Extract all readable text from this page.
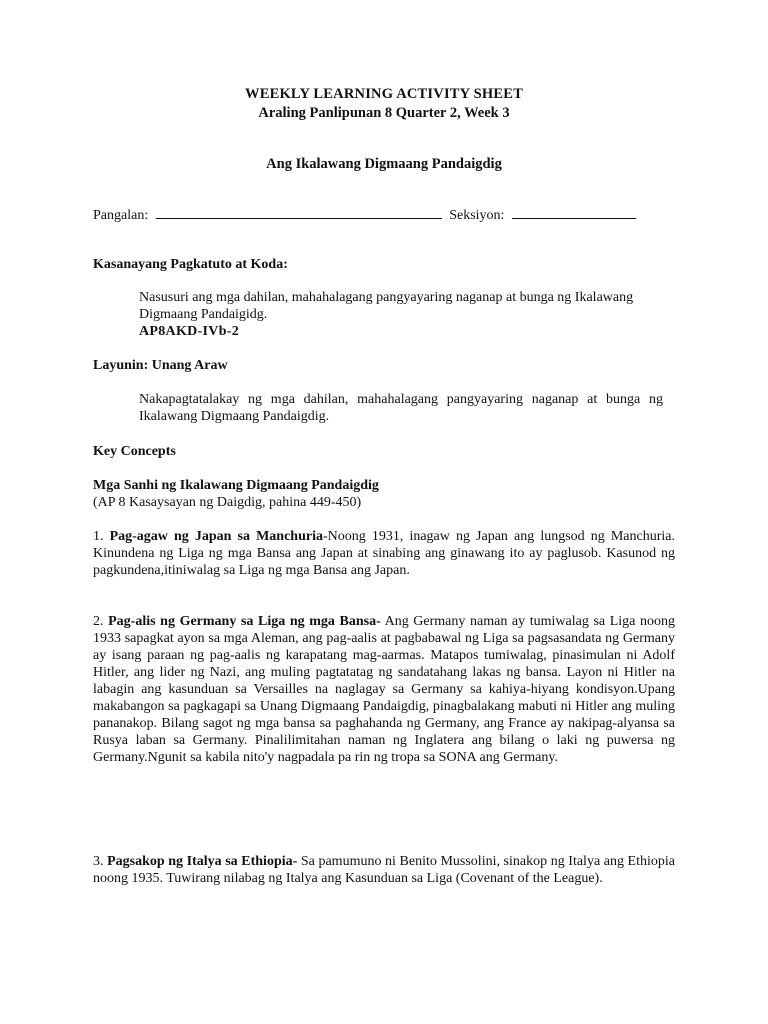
WEEKLY LEARNING ACTIVITY SHEET
Araling Panlipunan 8 Quarter 2, Week 3
Ang Ikalawang Digmaang Pandaigdig
Pangalan:	Seksiyon:
Kasanayang Pagkatuto at Koda:
Nasusuri ang mga dahilan, mahahalagang pangyayaring naganap at bunga ng Ikalawang Digmaang Pandaigidg.
AP8AKD-IVb-2
Layunin: Unang Araw
Nakapagtatalakay ng mga dahilan, mahahalagang pangyayaring naganap at bunga ng Ikalawang Digmaang Pandaigdig.
Key Concepts
Mga Sanhi ng Ikalawang Digmaang Pandaigdig
(AP 8 Kasaysayan ng Daigdig, pahina 449-450)
1. Pag-agaw ng Japan sa Manchuria-Noong 1931, inagaw ng Japan ang lungsod ng Manchuria. Kinundena ng Liga ng mga Bansa ang Japan at sinabing ang ginawang ito ay paglusob. Kasunod ng pagkundena,itiniwalag sa Liga ng mga Bansa ang Japan.
2. Pag-alis ng Germany sa Liga ng mga Bansa- Ang Germany naman ay tumiwalag sa Liga noong 1933 sapagkat ayon sa mga Aleman, ang pag-aalis at pagbabawal ng Liga sa pagsasandata ng Germany ay isang paraan ng pag-aalis ng karapatang mag-aarmas. Matapos tumiwalag, pinasimulan ni Adolf Hitler, ang lider ng Nazi, ang muling pagtatatag ng sandatahang lakas ng bansa. Layon ni Hitler na labagin ang kasunduan sa Versailles na naglagay sa Germany sa kahiya-hiyang kondisyon.Upang makabangon sa pagkagapi sa Unang Digmaang Pandaigdig, pinagbalakang mabuti ni Hitler ang muling pananakop. Bilang sagot ng mga bansa sa paghahanda ng Germany, ang France ay nakipag-alyansa sa Rusya laban sa Germany. Pinalilimitahan naman ng Inglatera ang bilang o laki ng puwersa ng Germany.Ngunit sa kabila nito'y nagpadala pa rin ng tropa sa SONA ang Germany.
3. Pagsakop ng Italya sa Ethiopia- Sa pamumuno ni Benito Mussolini, sinakop ng Italya ang Ethiopia noong 1935. Tuwirang nilabag ng Italya ang Kasunduan sa Liga (Covenant of the League).
